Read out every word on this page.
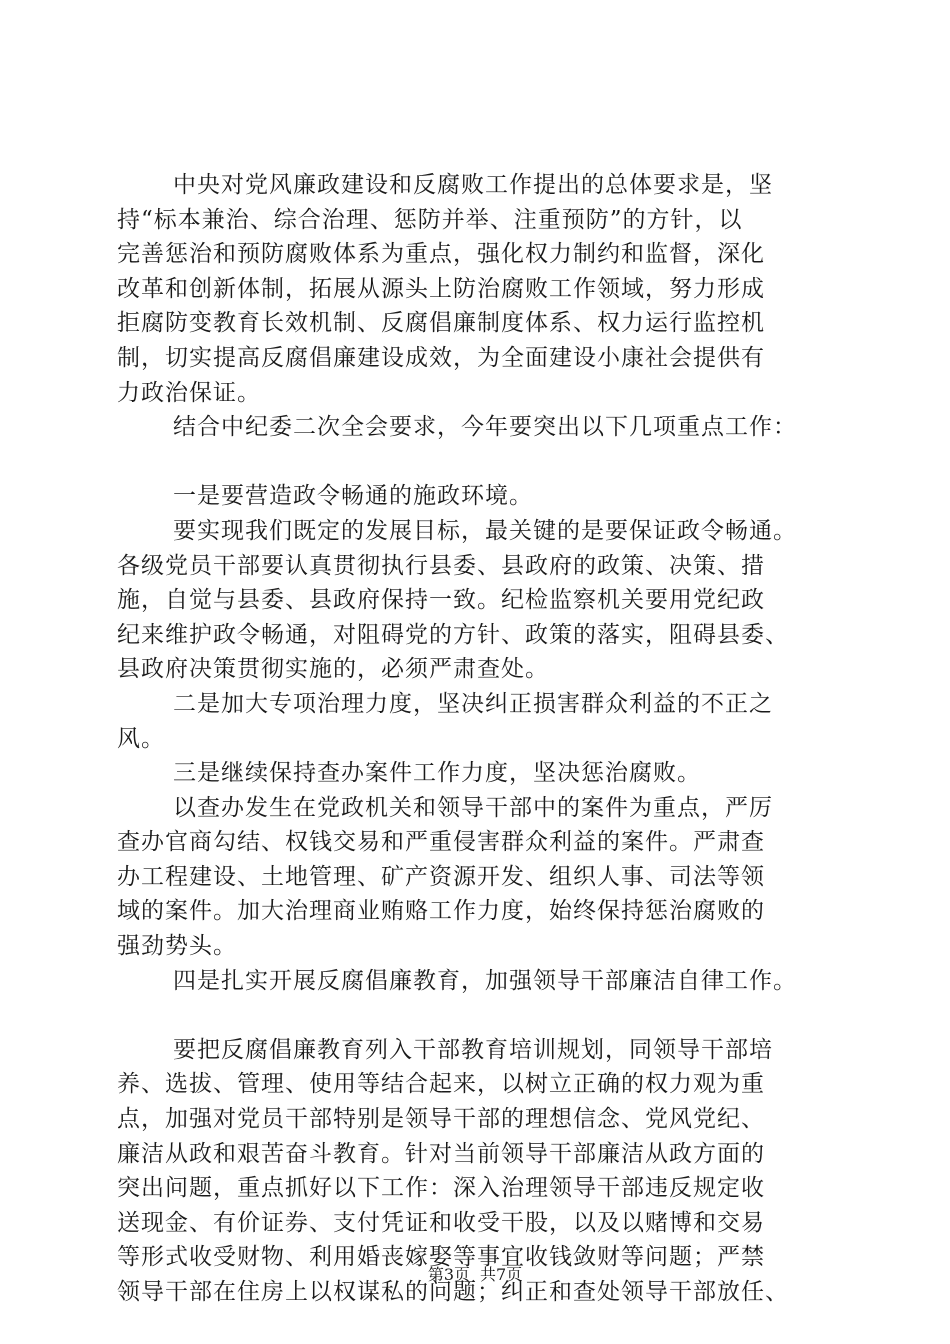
中央对党风廉政建设和反腐败工作提出的总体要求是，坚
持“标本兼治、综合治理、惩防并举、注重预防”的方针，以
完善惩治和预防腐败体系为重点，强化权力制约和监督，深化
改革和创新体制，拓展从源头上防治腐败工作领域，努力形成
拒腐防变教育长效机制、反腐倡廉制度体系、权力运行监控机
制，切实提高反腐倡廉建设成效，为全面建设小康社会提供有
力政治保证。
结合中纪委二次全会要求，今年要突出以下几项重点工作：
一是要营造政令畅通的施政环境。
要实现我们既定的发展目标，最关键的是要保证政令畅通。
各级党员干部要认真贯彻执行县委、县政府的政策、决策、措
施，自觉与县委、县政府保持一致。纪检监察机关要用党纪政
纪来维护政令畅通，对阻碍党的方针、政策的落实，阻碍县委、
县政府决策贯彻实施的，必须严肃查处。
二是加大专项治理力度，坚决纠正损害群众利益的不正之
风。
三是继续保持查办案件工作力度，坚决惩治腐败。
以查办发生在党政机关和领导干部中的案件为重点，严厉
查办官商勾结、权钱交易和严重侵害群众利益的案件。严肃查
办工程建设、土地管理、矿产资源开发、组织人事、司法等领
域的案件。加大治理商业贿赂工作力度，始终保持惩治腐败的
强劲势头。
四是扎实开展反腐倡廉教育，加强领导干部廉洁自律工作。
要把反腐倡廉教育列入干部教育培训规划，同领导干部培
养、选拔、管理、使用等结合起来，以树立正确的权力观为重
点，加强对党员干部特别是领导干部的理想信念、党风党纪、
廉洁从政和艰苦奋斗教育。针对当前领导干部廉洁从政方面的
突出问题，重点抓好以下工作：深入治理领导干部违反规定收
送现金、有价证券、支付凭证和收受干股，以及以赌博和交易
等形式收受财物、利用婚丧嫁娶等事宜收钱敛财等问题；严禁
领导干部在住房上以权谋私的问题；纠正和查处领导干部放任、
第3页 共7页
